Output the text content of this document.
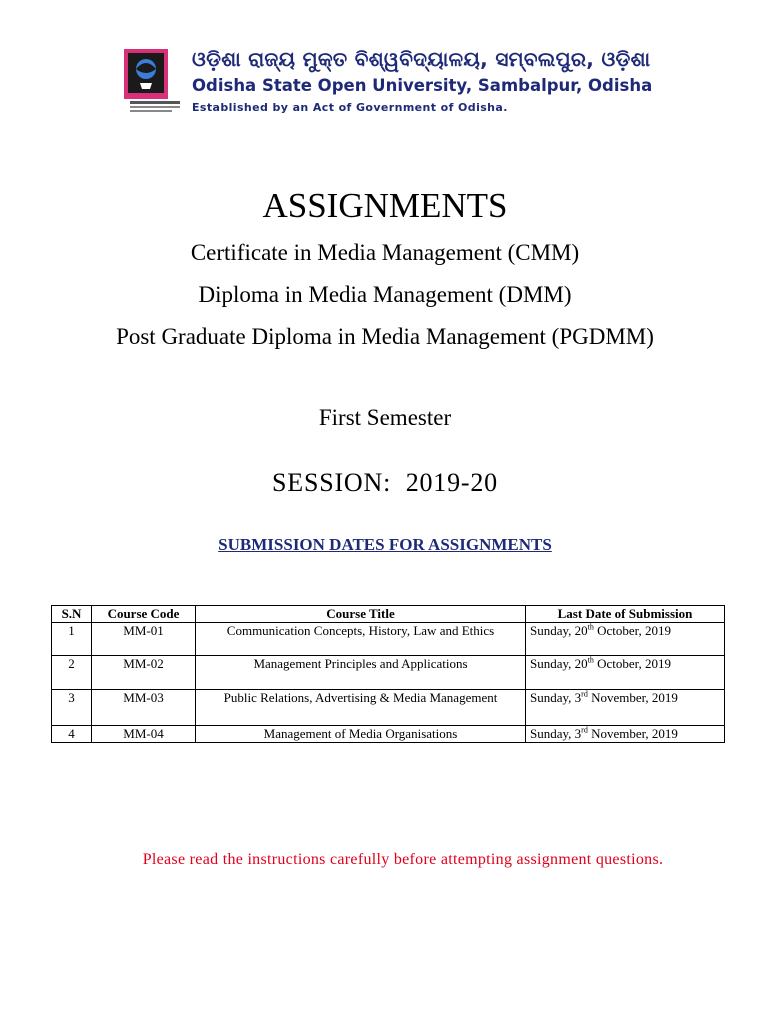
ଓଡ଼ିଶା ରାଜ୍ୟ ମୁକ୍ତ ବିଶ୍ୱବିଦ୍ୟାଳୟ, ସମ୍ବଲପୁର, ଓଡ଼ିଶା
Odisha State Open University, Sambalpur, Odisha
Established by an Act of Government of Odisha.
ASSIGNMENTS
Certificate in Media Management (CMM)
Diploma in Media Management (DMM)
Post Graduate Diploma in Media Management (PGDMM)
First Semester
SESSION:  2019-20
SUBMISSION DATES FOR ASSIGNMENTS
S.N	Course Code	Course Title	Last Date of Submission
1	MM-01	Communication Concepts, History, Law and Ethics	Sunday, 20th October, 2019
2	MM-02	Management Principles and Applications	Sunday, 20th October, 2019
3	MM-03	Public Relations, Advertising & Media Management	Sunday, 3rd November, 2019
4	MM-04	Management of Media Organisations	Sunday, 3rd November, 2019
Please read the instructions carefully before attempting assignment questions.
